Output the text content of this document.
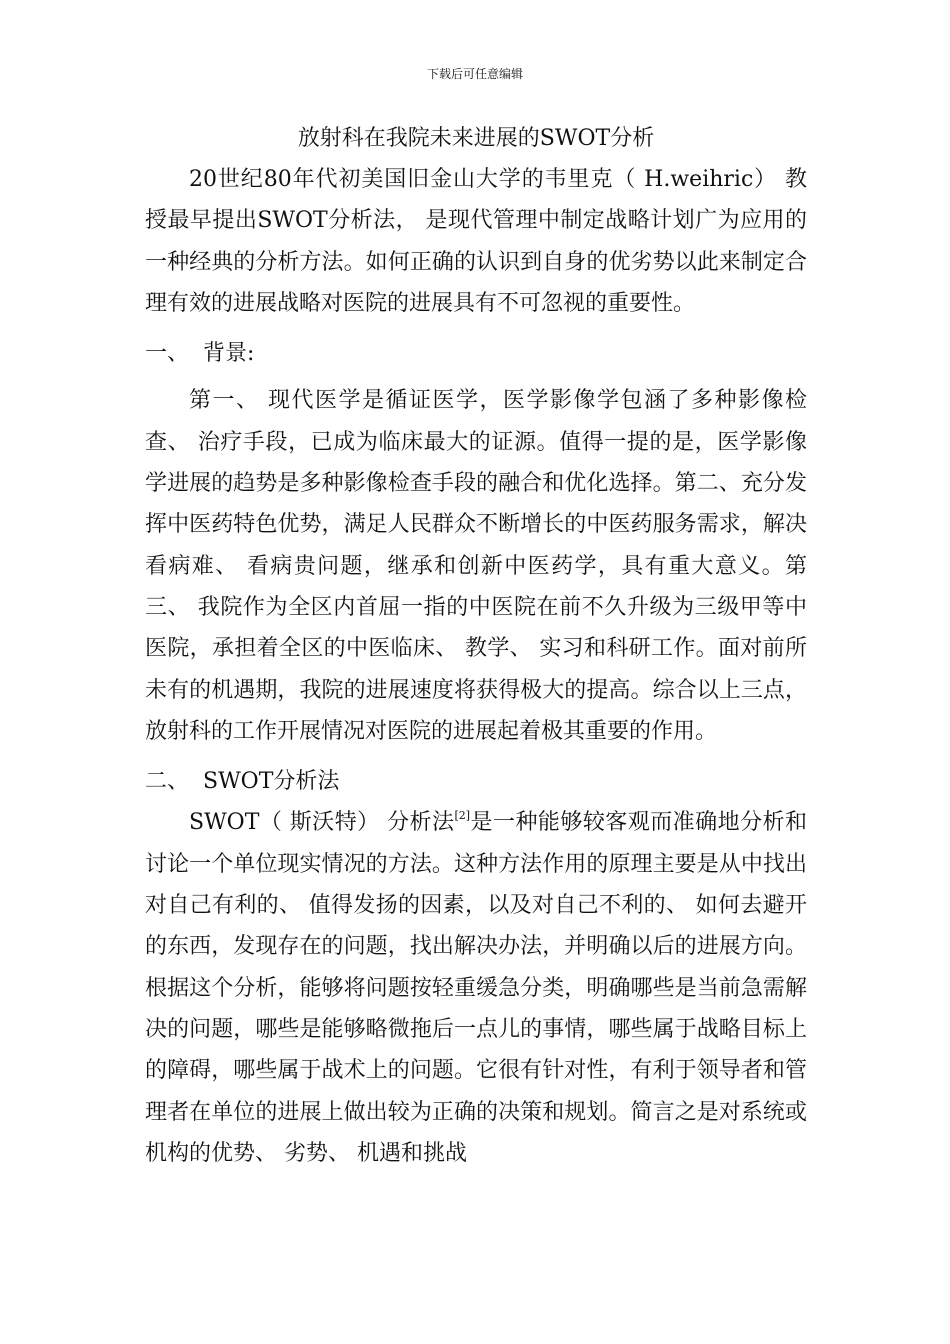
下载后可任意编辑
放射科在我院未来进展的SWOT分析

20世纪80年代初美国旧金山大学的韦里克（ H.weihric） 教授最早提出SWOT分析法， 是现代管理中制定战略计划广为应用的一种经典的分析方法。如何正确的认识到自身的优劣势以此来制定合理有效的进展战略对医院的进展具有不可忽视的重要性。

一、 背景:

第一、 现代医学是循证医学，医学影像学包涵了多种影像检查、 治疗手段，已成为临床最大的证源。值得一提的是，医学影像学进展的趋势是多种影像检查手段的融合和优化选择。第二、充分发挥中医药特色优势，满足人民群众不断增长的中医药服务需求，解决看病难、 看病贵问题，继承和创新中医药学，具有重大意义。第三、 我院作为全区内首屈一指的中医院在前不久升级为三级甲等中医院，承担着全区的中医临床、 教学、 实习和科研工作。面对前所未有的机遇期，我院的进展速度将获得极大的提高。综合以上三点，放射科的工作开展情况对医院的进展起着极其重要的作用。

二、 SWOT分析法

SWOT（ 斯沃特） 分析法[2]是一种能够较客观而准确地分析和讨论一个单位现实情况的方法。这种方法作用的原理主要是从中找出对自己有利的、 值得发扬的因素，以及对自己不利的、 如何去避开的东西，发现存在的问题，找出解决办法，并明确以后的进展方向。根据这个分析，能够将问题按轻重缓急分类，明确哪些是当前急需解决的问题，哪些是能够略微拖后一点儿的事情，哪些属于战略目标上的障碍，哪些属于战术上的问题。它很有针对性，有利于领导者和管理者在单位的进展上做出较为正确的决策和规划。简言之是对系统或机构的优势、 劣势、 机遇和挑战
